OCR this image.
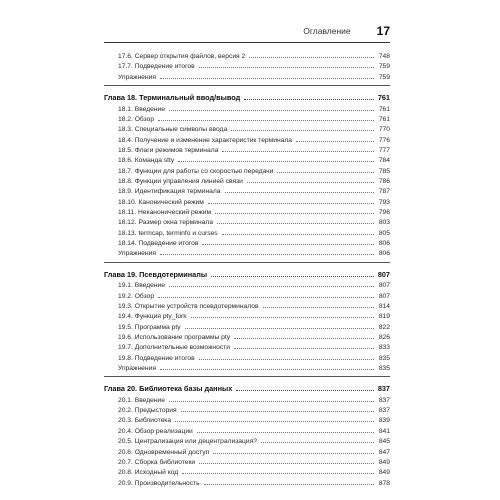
Оглавление 17
17.6. Сервер открытия файлов, версия 2	748
17.7. Подведение итогов	759
Упражнения	759
Глава 18. Терминальный ввод/вывод	761
18.1. Введение	761
18.2. Обзор	761
18.3. Специальные символы ввода	770
18.4. Получение и изменение характеристик терминала	776
18.5. Флаги режимов терминала	777
18.6. Команда stty	784
18.7. Функции для работы со скоростью передачи	785
18.8. Функции управления линией связи	786
18.9. Идентификация терминала	787
18.10. Канонический режим	793
18.11. Неканонический режим	796
18.12. Размер окна терминала	803
18.13. termcap, terminfo и curses	805
18.14. Подведение итогов	806
Упражнения	806
Глава 19. Псевдотерминалы	807
19.1. Введение	807
19.2. Обзор	807
19.3. Открытие устройств псевдотерминалов	814
19.4. Функция pty_fork	819
19.5. Программа pty	822
19.6. Использование программы pty	826
19.7. Дополнительные возможности	833
19.8. Подведение итогов	835
Упражнения	835
Глава 20. Библиотека базы данных	837
20.1. Введение	837
20.2. Предыстория	837
20.3. Библиотека	839
20.4. Обзор реализации	841
20.5. Централизация или децентрализация?	845
20.6. Одновременный доступ	847
20.7. Сборка библиотеки	849
20.8. Исходный код	849
20.9. Производительность	878
